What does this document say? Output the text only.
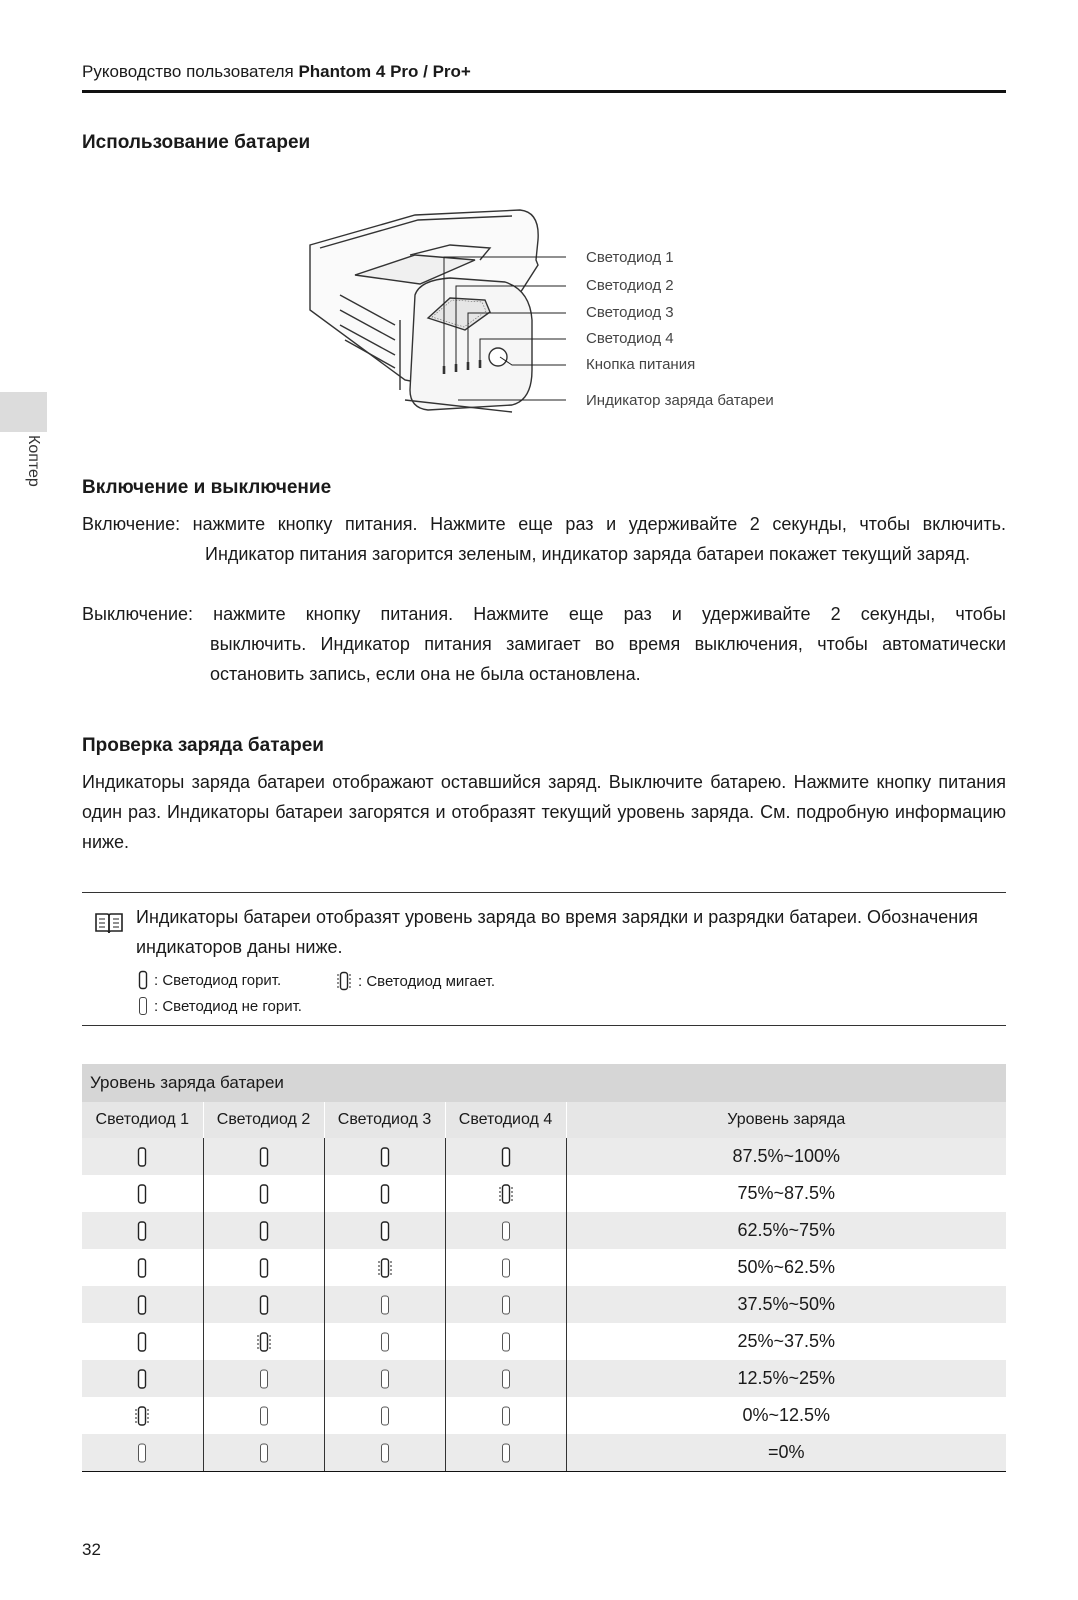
Руководство пользователя Phantom 4 Pro / Pro+
Коптер
Использование батареи
Светодиод 1
Светодиод 2
Светодиод 3
Светодиод 4
Кнопка питания
Индикатор заряда батареи
Включение и выключение
Включение: нажмите кнопку питания. Нажмите еще раз и удерживайте 2 секунды, чтобы включить.
Индикатор питания загорится зеленым, индикатор заряда батареи покажет текущий заряд.
Выключение: нажмите кнопку питания. Нажмите еще раз и удерживайте 2 секунды, чтобы
выключить. Индикатор питания замигает во время выключения, чтобы автоматически остановить запись, если она не была остановлена.
Проверка заряда батареи
Индикаторы заряда батареи отображают оставшийся заряд. Выключите батарею. Нажмите кнопку питания один раз. Индикаторы батареи загорятся и отобразят текущий уровень заряда. См. подробную информацию ниже.
Индикаторы батареи отобразят уровень заряда во время зарядки и разрядки батареи. Обозначения индикаторов даны ниже.
: Светодиод горит.	: Светодиод мигает.
: Светодиод не горит.
Уровень заряда батареи				
Светодиод 1	Светодиод 2	Светодиод 3	Светодиод 4	Уровень заряда
				87.5%~100%
				75%~87.5%
				62.5%~75%
				50%~62.5%
				37.5%~50%
				25%~37.5%
				12.5%~25%
				0%~12.5%
				=0%
32
